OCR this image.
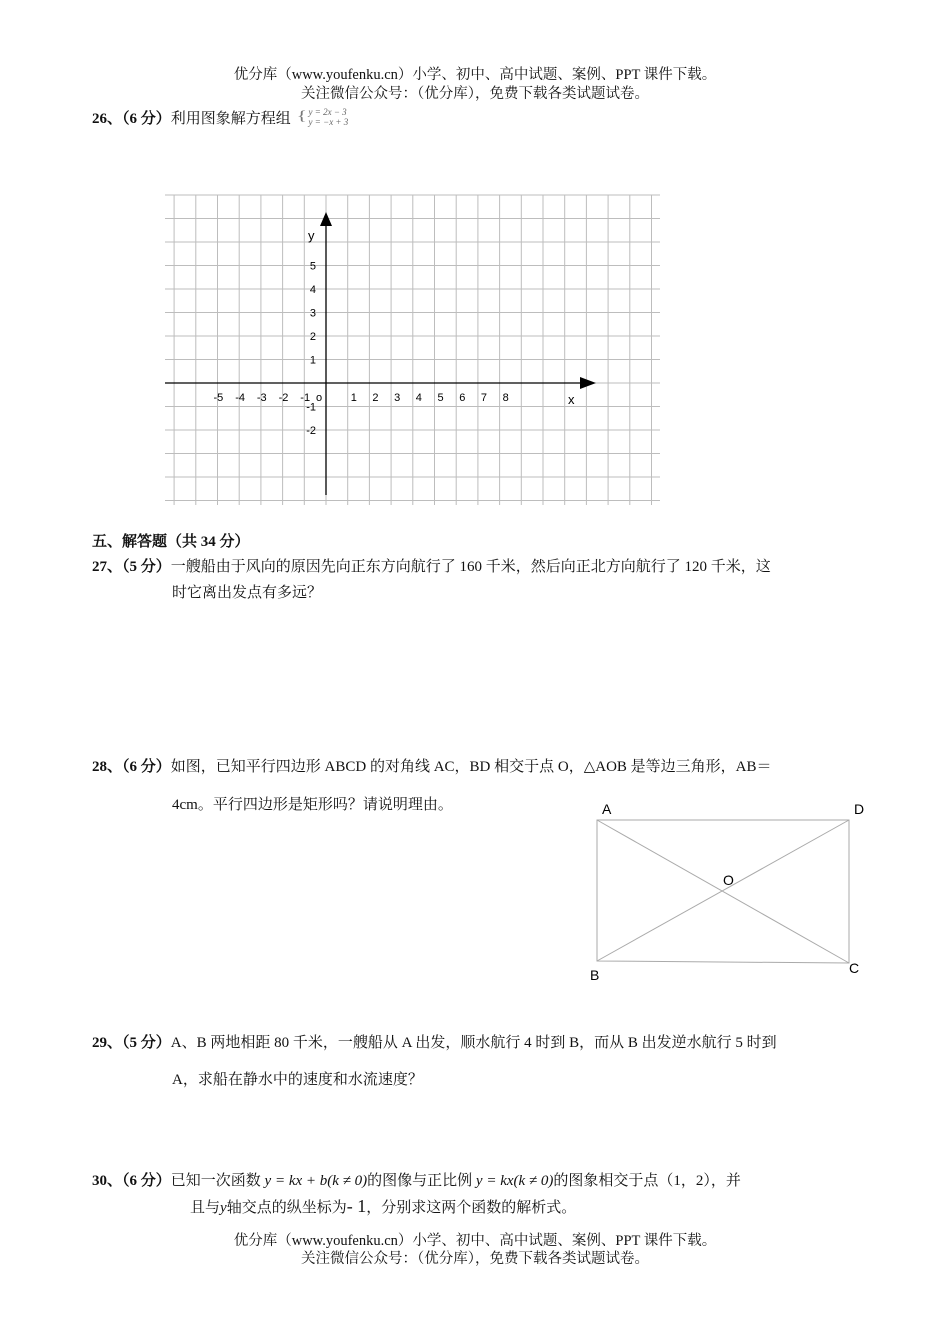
优分库（www.youfenku.cn）小学、初中、高中试题、案例、PPT 课件下载。
关注微信公众号：（优分库），免费下载各类试题试卷。
26、（6 分）利用图象解方程组 { y = 2x − 3
y = −x + 3
y
x
-5 -4 -3 -2 -1 o	1 2 3 4 5 6 7 8
5
4
3
2
1
-1
-2
五、解答题（共 34 分）
27、（5 分）一艘船由于风向的原因先向正东方向航行了 160 千米，然后向正北方向航行了 120 千米，这
时它离出发点有多远？
28、（6 分）如图，已知平行四边形 ABCD 的对角线 AC，BD 相交于点 O，△AOB 是等边三角形，AB＝
4cm。平行四边形是矩形吗？请说明理由。	A	D
O
B	C
29、（5 分）A、B 两地相距 80 千米，一艘船从 A 出发，顺水航行 4 时到 B，而从 B 出发逆水航行 5 时到
A，求船在静水中的速度和水流速度？
30、（6 分）已知一次函数 y = kx + b(k ≠ 0)的图像与正比例 y = kx(k ≠ 0)的图象相交于点（1，2），并
且与y轴交点的纵坐标为- 1，分别求这两个函数的解析式。
优分库（www.youfenku.cn）小学、初中、高中试题、案例、PPT 课件下载。
关注微信公众号：（优分库），免费下载各类试题试卷。
